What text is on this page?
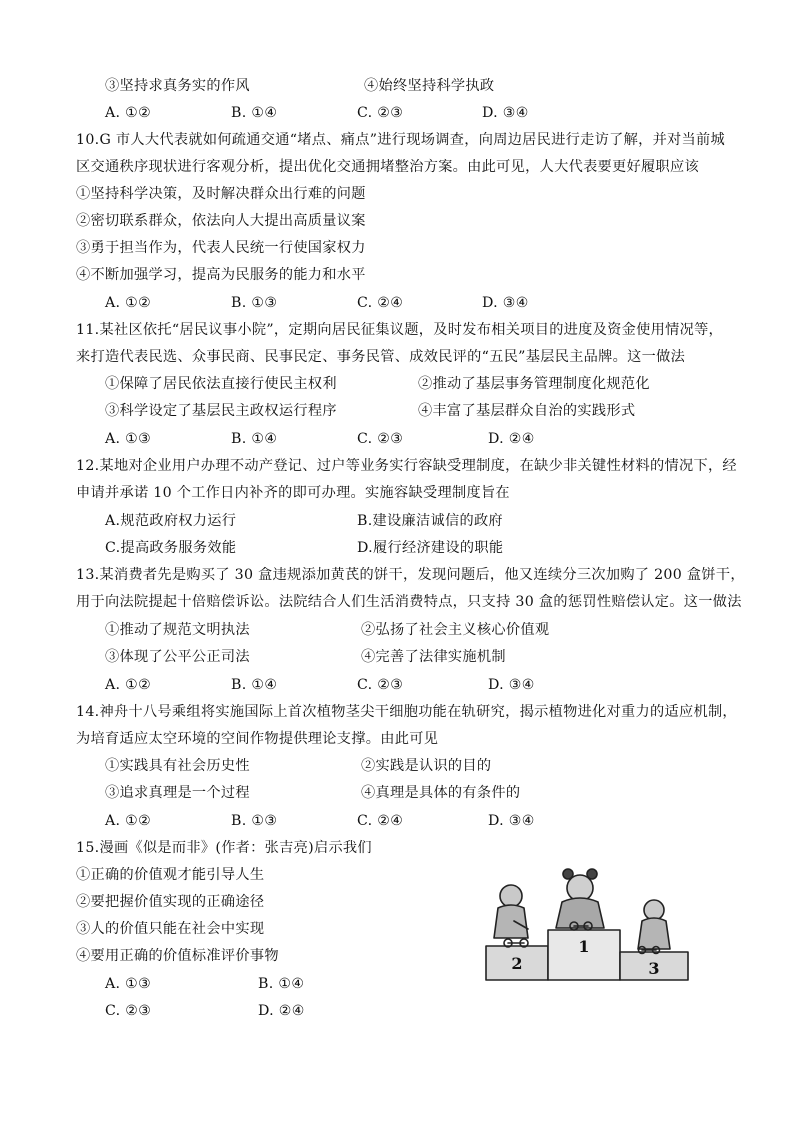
③坚持求真务实的作风	④始终坚持科学执政
A. ①②	B. ①④	C. ②③	D. ③④
10.G 市人大代表就如何疏通交通“堵点、痛点”进行现场调查，向周边居民进行走访了解，并对当前城
区交通秩序现状进行客观分析，提出优化交通拥堵整治方案。由此可见，人大代表要更好履职应该
①坚持科学决策，及时解决群众出行难的问题
②密切联系群众，依法向人大提出高质量议案
③勇于担当作为，代表人民统一行使国家权力
④不断加强学习，提高为民服务的能力和水平
A. ①②	B. ①③	C. ②④	D. ③④
11.某社区依托“居民议事小院”，定期向居民征集议题，及时发布相关项目的进度及资金使用情况等，
来打造代表民选、众事民商、民事民定、事务民管、成效民评的“五民”基层民主品牌。这一做法
①保障了居民依法直接行使民主权利	②推动了基层事务管理制度化规范化
③科学设定了基层民主政权运行程序	④丰富了基层群众自治的实践形式
A. ①③	B. ①④	C. ②③	D. ②④
12.某地对企业用户办理不动产登记、过户等业务实行容缺受理制度，在缺少非关键性材料的情况下，经
申请并承诺 10 个工作日内补齐的即可办理。实施容缺受理制度旨在
A.规范政府权力运行	B.建设廉洁诚信的政府
C.提高政务服务效能	D.履行经济建设的职能
13.某消费者先是购买了 30 盒违规添加黄芪的饼干，发现问题后，他又连续分三次加购了 200 盒饼干，
用于向法院提起十倍赔偿诉讼。法院结合人们生活消费特点，只支持 30 盒的惩罚性赔偿认定。这一做法
①推动了规范文明执法	②弘扬了社会主义核心价值观
③体现了公平公正司法	④完善了法律实施机制
A. ①②	B. ①④	C. ②③	D. ③④
14.神舟十八号乘组将实施国际上首次植物茎尖干细胞功能在轨研究，揭示植物进化对重力的适应机制，
为培育适应太空环境的空间作物提供理论支撑。由此可见
①实践具有社会历史性	②实践是认识的目的
③追求真理是一个过程	④真理是具体的有条件的
A. ①②	B. ①③	C. ②④	D. ③④
15.漫画《似是而非》(作者：张吉亮)启示我们
①正确的价值观才能引导人生
②要把握价值实现的正确途径
③人的价值只能在社会中实现
④要用正确的价值标准评价事物
A. ①③	B. ①④
C. ②③	D. ②④
2
1
3
